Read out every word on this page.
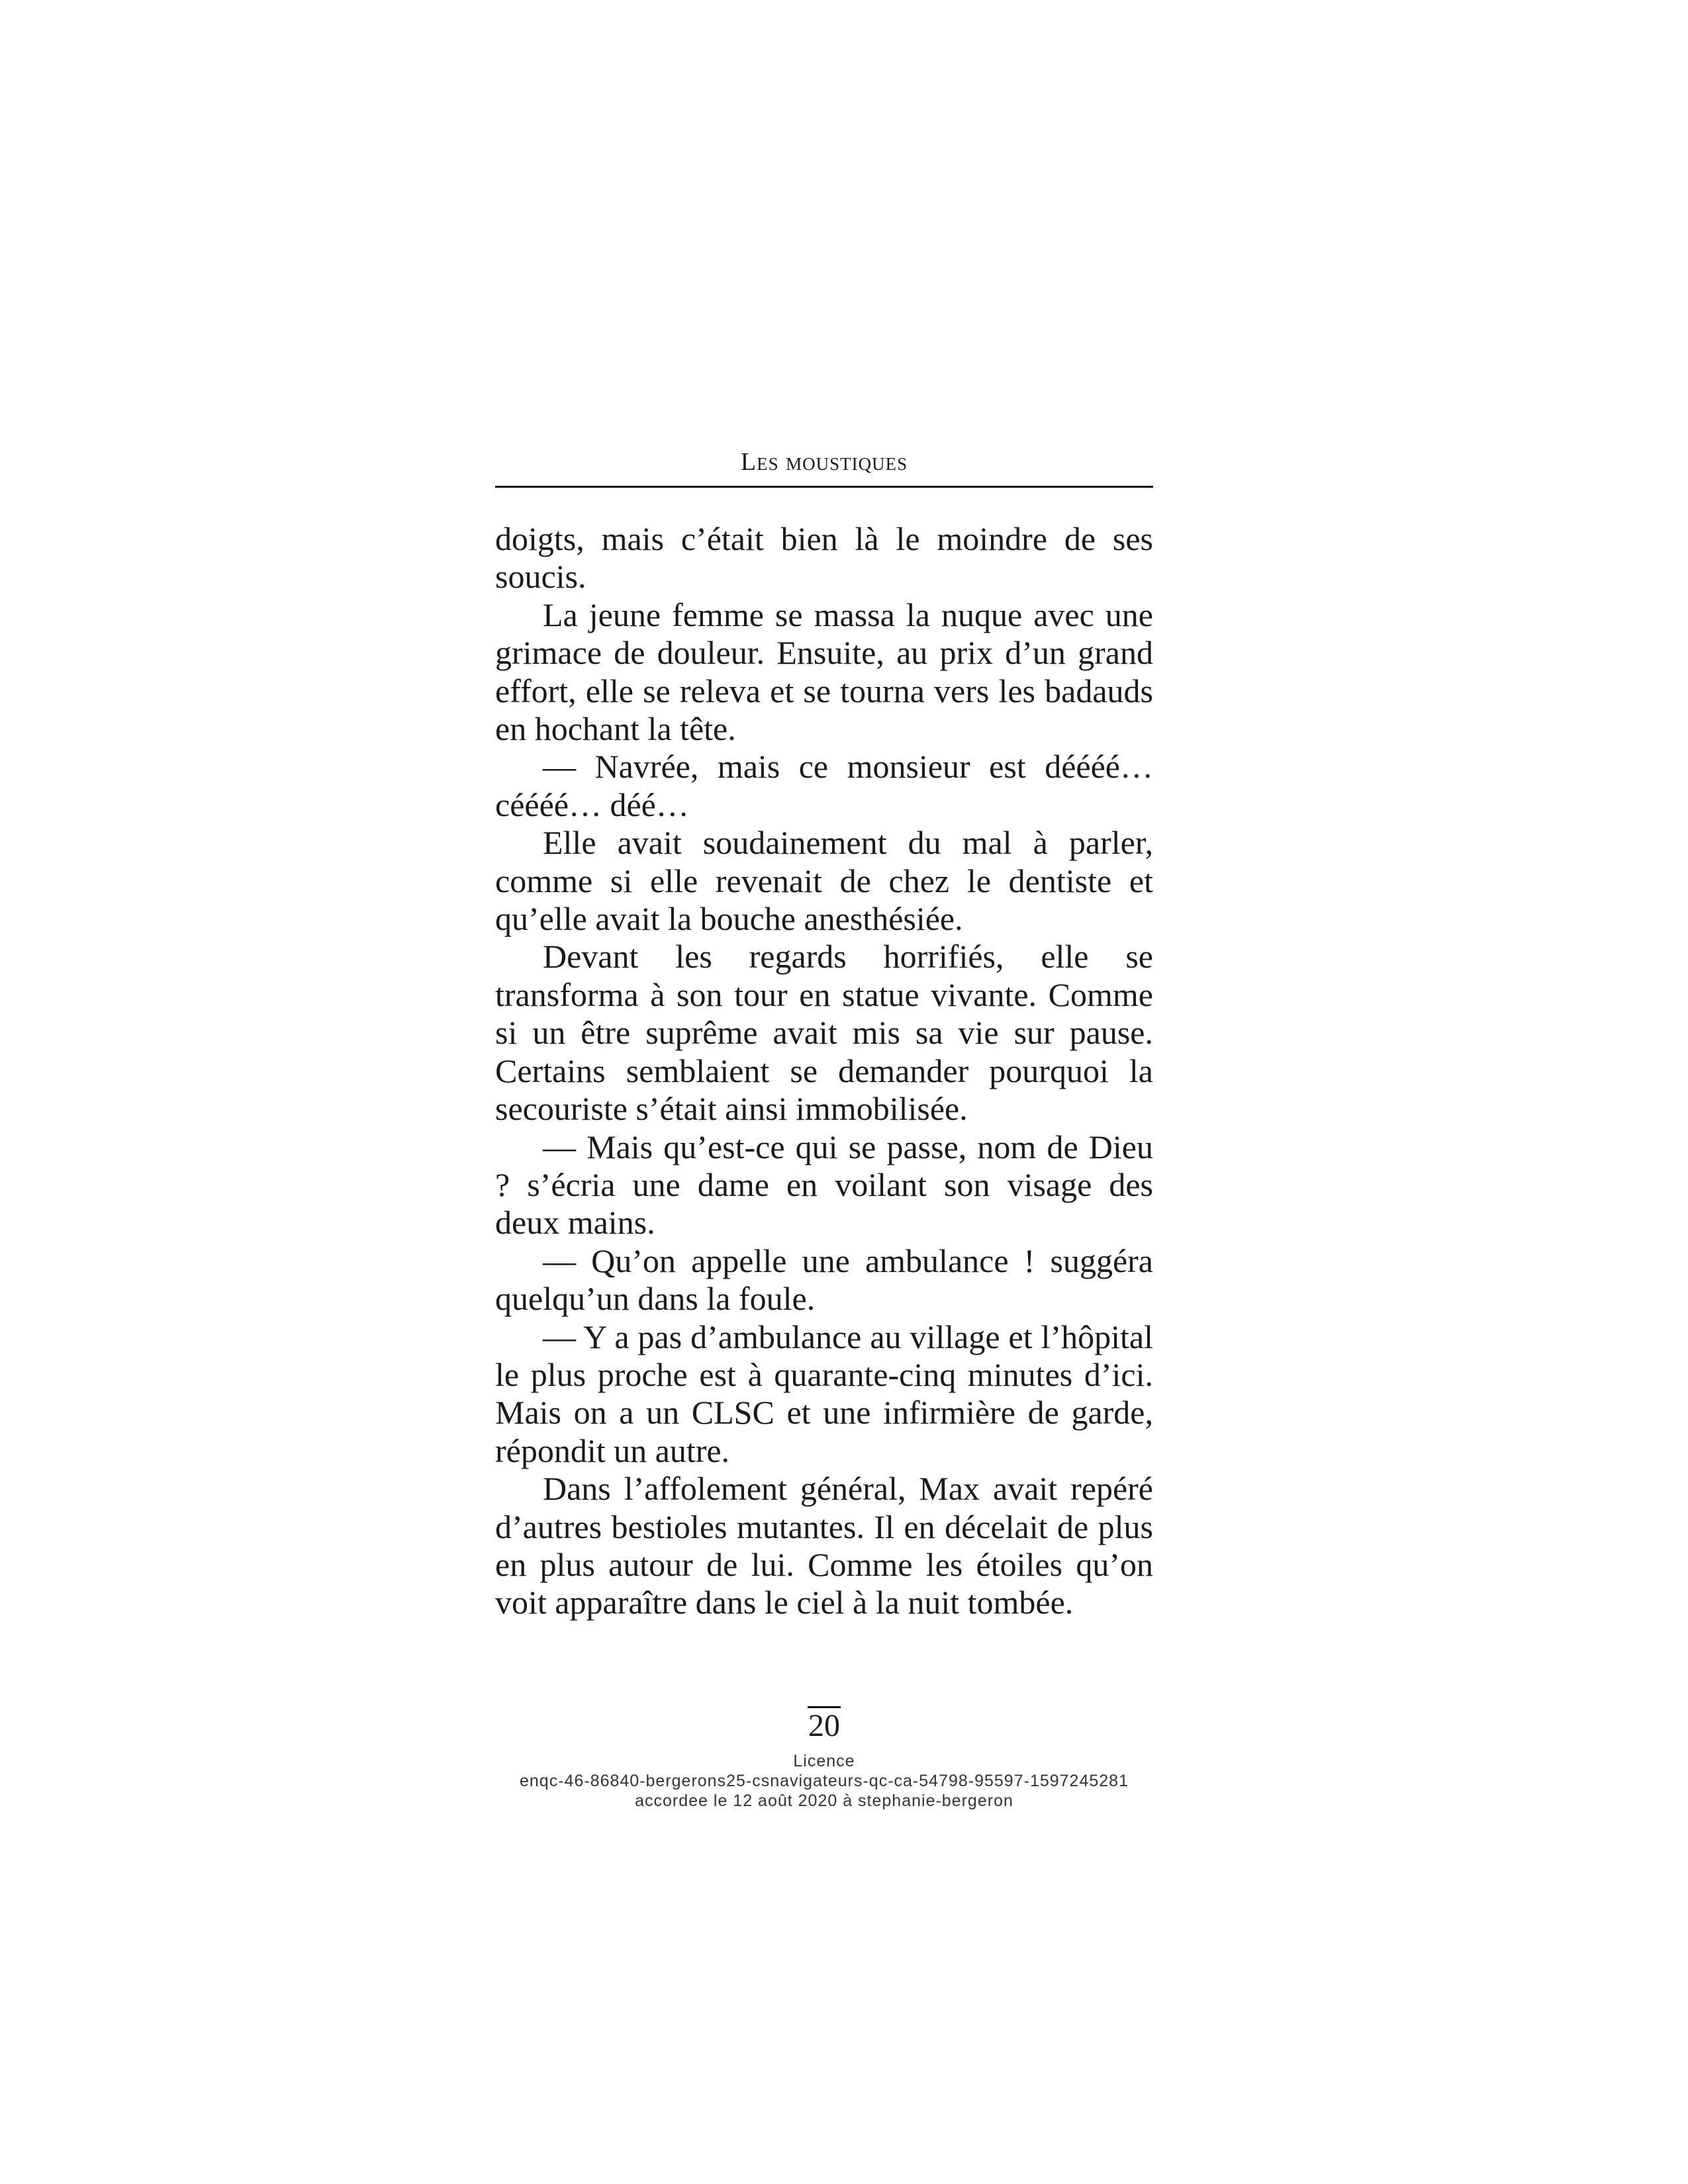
Les moustiques

doigts, mais c’était bien là le moindre de ses soucis.

La jeune femme se massa la nuque avec une grimace de douleur. Ensuite, au prix d’un grand effort, elle se releva et se tourna vers les badauds en hochant la tête.

— Navrée, mais ce monsieur est déééé… céééé… déé…

Elle avait soudainement du mal à parler, comme si elle revenait de chez le dentiste et qu’elle avait la bouche anesthésiée.

Devant les regards horrifiés, elle se transforma à son tour en statue vivante. Comme si un être suprême avait mis sa vie sur pause. Certains semblaient se demander pourquoi la secouriste s’était ainsi immobilisée.

— Mais qu’est-ce qui se passe, nom de Dieu ? s’écria une dame en voilant son visage des deux mains.

— Qu’on appelle une ambulance ! suggéra quelqu’un dans la foule.

— Y a pas d’ambulance au village et l’hôpital le plus proche est à quarante-cinq minutes d’ici. Mais on a un CLSC et une infirmière de garde, répondit un autre.

Dans l’affolement général, Max avait repéré d’autres bestioles mutantes. Il en décelait de plus en plus autour de lui. Comme les étoiles qu’on voit apparaître dans le ciel à la nuit tombée.

20
Licence
enqc-46-86840-bergerons25-csnavigateurs-qc-ca-54798-95597-1597245281
accordee le 12 août 2020 à stephanie-bergeron
